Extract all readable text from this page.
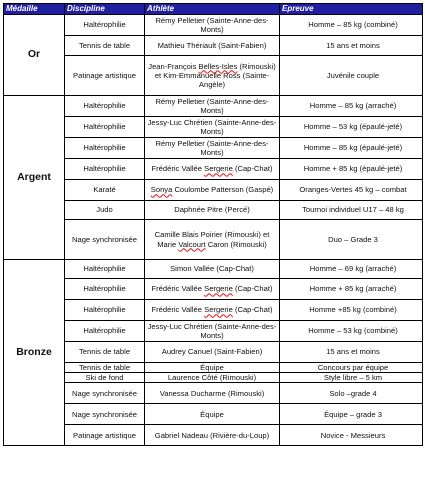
Médaille	Discipline	Athlète	Epreuve
Or	Haltérophilie	Rémy Pelletier (Sainte-Anne-des-Monts)	Homme – 85 kg (combiné)
	Tennis de table	Mathieu Thériault (Saint-Fabien)	15 ans et moins
	Patinage artistique	Jean-François Belles-Isles (Rimouski) et Kim-Emmanuelle Ross (Sainte-Angèle)	Juvénile couple
Argent	Haltérophilie	Rémy Pelletier (Sainte-Anne-des-Monts)	Homme – 85 kg (arraché)
	Haltérophilie	Jessy-Luc Chrétien (Sainte-Anne-des-Monts)	Homme – 53 kg (épaulé-jeté)
	Haltérophilie	Rémy Pelletier (Sainte-Anne-des-Monts)	Homme – 85 kg (épaulé-jeté)
	Haltérophilie	Frédéric Vallée Sergerie (Cap-Chat)	Homme + 85 kg (épaulé-jeté)
	Karaté	Sonya Coulombe Patterson (Gaspé)	Oranges-Vertes 45 kg – combat
	Judo	Daphnée Pitre (Percé)	Tournoi individuel U17 – 48 kg
	Nage synchronisée	Camille Blais Poirier (Rimouski) et Marie Valcourt Caron (Rimouski)	Duo – Grade 3
Bronze	Haltérophilie	Simon Vallée (Cap-Chat)	Homme – 69 kg (arraché)
	Haltérophilie	Frédéric Vallée Sergerie (Cap-Chat)	Homme + 85 kg (arraché)
	Haltérophilie	Frédéric Vallée Sergerie (Cap-Chat)	Homme +85 kg (combiné)
	Haltérophilie	Jessy-Luc Chrétien (Sainte-Anne-des-Monts)	Homme – 53 kg (combiné)
	Tennis de table	Audrey Canuel (Saint-Fabien)	15 ans et moins
	Tennis de table	Équipe	Concours par équipe
	Ski de fond	Laurence Côté (Rimouski)	Style libre – 5 km
	Nage synchronisée	Vanessa Ducharme (Rimouski)	Solo –grade 4
	Nage synchronisée	Équipe	Équipe – grade 3
	Patinage artistique	Gabriel Nadeau (Rivière-du-Loup)	Novice - Messieurs
